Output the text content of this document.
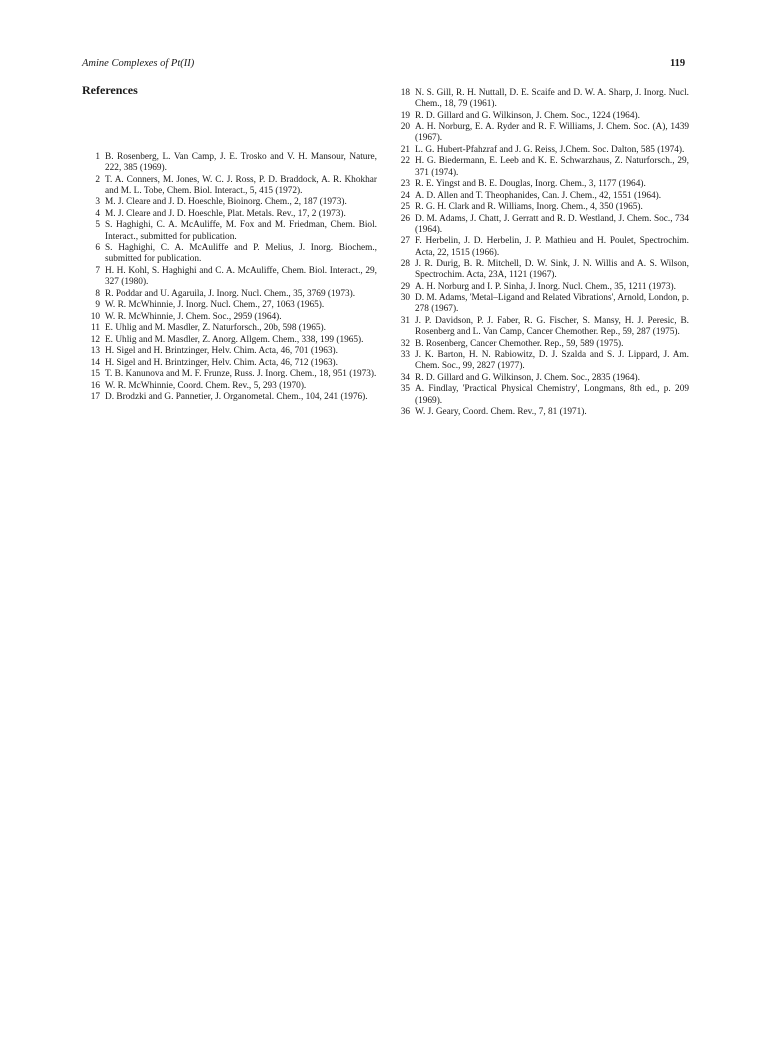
Amine Complexes of Pt(II)	119
References
1 B. Rosenberg, L. Van Camp, J. E. Trosko and V. H. Mansour, Nature, 222, 385 (1969).
2 T. A. Conners, M. Jones, W. C. J. Ross, P. D. Braddock, A. R. Khokhar and M. L. Tobe, Chem. Biol. Interact., 5, 415 (1972).
3 M. J. Cleare and J. D. Hoeschle, Bioinorg. Chem., 2, 187 (1973).
4 M. J. Cleare and J. D. Hoeschle, Plat. Metals. Rev., 17, 2 (1973).
5 S. Haghighi, C. A. McAuliffe, M. Fox and M. Friedman, Chem. Biol. Interact., submitted for publication.
6 S. Haghighi, C. A. McAuliffe and P. Melius, J. Inorg. Biochem., submitted for publication.
7 H. H. Kohl, S. Haghighi and C. A. McAuliffe, Chem. Biol. Interact., 29, 327 (1980).
8 R. Poddar and U. Agaruila, J. Inorg. Nucl. Chem., 35, 3769 (1973).
9 W. R. McWhinnie, J. Inorg. Nucl. Chem., 27, 1063 (1965).
10 W. R. McWhinnie, J. Chem. Soc., 2959 (1964).
11 E. Uhlig and M. Masdler, Z. Naturforsch., 20b, 598 (1965).
12 E. Uhlig and M. Masdler, Z. Anorg. Allgem. Chem., 338, 199 (1965).
13 H. Sigel and H. Brintzinger, Helv. Chim. Acta, 46, 701 (1963).
14 H. Sigel and H. Brintzinger, Helv. Chim. Acta, 46, 712 (1963).
15 T. B. Kanunova and M. F. Frunze, Russ. J. Inorg. Chem., 18, 951 (1973).
16 W. R. McWhinnie, Coord. Chem. Rev., 5, 293 (1970).
17 D. Brodzki and G. Pannetier, J. Organometal. Chem., 104, 241 (1976).
18 N. S. Gill, R. H. Nuttall, D. E. Scaife and D. W. A. Sharp, J. Inorg. Nucl. Chem., 18, 79 (1961).
19 R. D. Gillard and G. Wilkinson, J. Chem. Soc., 1224 (1964).
20 A. H. Norburg, E. A. Ryder and R. F. Williams, J. Chem. Soc. (A), 1439 (1967).
21 L. G. Hubert-Pfahzraf and J. G. Reiss, J.Chem. Soc. Dalton, 585 (1974).
22 H. G. Biedermann, E. Leeb and K. E. Schwarzhaus, Z. Naturforsch., 29, 371 (1974).
23 R. E. Yingst and B. E. Douglas, Inorg. Chem., 3, 1177 (1964).
24 A. D. Allen and T. Theophanides, Can. J. Chem., 42, 1551 (1964).
25 R. G. H. Clark and R. Williams, Inorg. Chem., 4, 350 (1965).
26 D. M. Adams, J. Chatt, J. Gerratt and R. D. Westland, J. Chem. Soc., 734 (1964).
27 F. Herbelin, J. D. Herbelin, J. P. Mathieu and H. Poulet, Spectrochim. Acta, 22, 1515 (1966).
28 J. R. Durig, B. R. Mitchell, D. W. Sink, J. N. Willis and A. S. Wilson, Spectrochim. Acta, 23A, 1121 (1967).
29 A. H. Norburg and I. P. Sinha, J. Inorg. Nucl. Chem., 35, 1211 (1973).
30 D. M. Adams, 'Metal–Ligand and Related Vibrations', Arnold, London, p. 278 (1967).
31 J. P. Davidson, P. J. Faber, R. G. Fischer, S. Mansy, H. J. Peresic, B. Rosenberg and L. Van Camp, Cancer Chemother. Rep., 59, 287 (1975).
32 B. Rosenberg, Cancer Chemother. Rep., 59, 589 (1975).
33 J. K. Barton, H. N. Rabiowitz, D. J. Szalda and S. J. Lippard, J. Am. Chem. Soc., 99, 2827 (1977).
34 R. D. Gillard and G. Wilkinson, J. Chem. Soc., 2835 (1964).
35 A. Findlay, 'Practical Physical Chemistry', Longmans, 8th ed., p. 209 (1969).
36 W. J. Geary, Coord. Chem. Rev., 7, 81 (1971).
